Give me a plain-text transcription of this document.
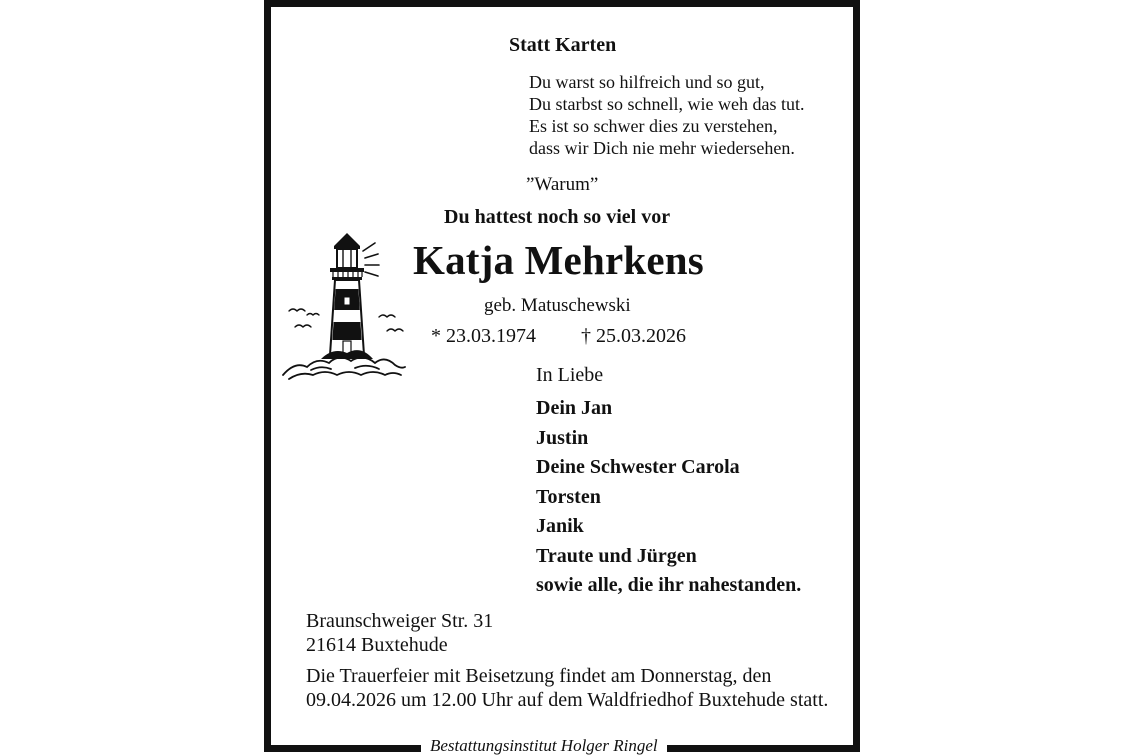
Statt Karten
Du warst so hilfreich und so gut,
Du starbst so schnell, wie weh das tut.
Es ist so schwer dies zu verstehen,
dass wir Dich nie mehr wiedersehen.
”Warum”
Du hattest noch so viel vor
Katja Mehrkens
geb. Matuschewski
* 23.03.1974 † 25.03.2026
In Liebe
Dein Jan
Justin
Deine Schwester Carola
Torsten
Janik
Traute und Jürgen
sowie alle, die ihr nahestanden.
Braunschweiger Str. 31
21614 Buxtehude
Die Trauerfeier mit Beisetzung findet am Donnerstag, den 09.04.2026 um 12.00 Uhr auf dem Waldfriedhof Buxtehude statt.
Bestattungsinstitut Holger Ringel
